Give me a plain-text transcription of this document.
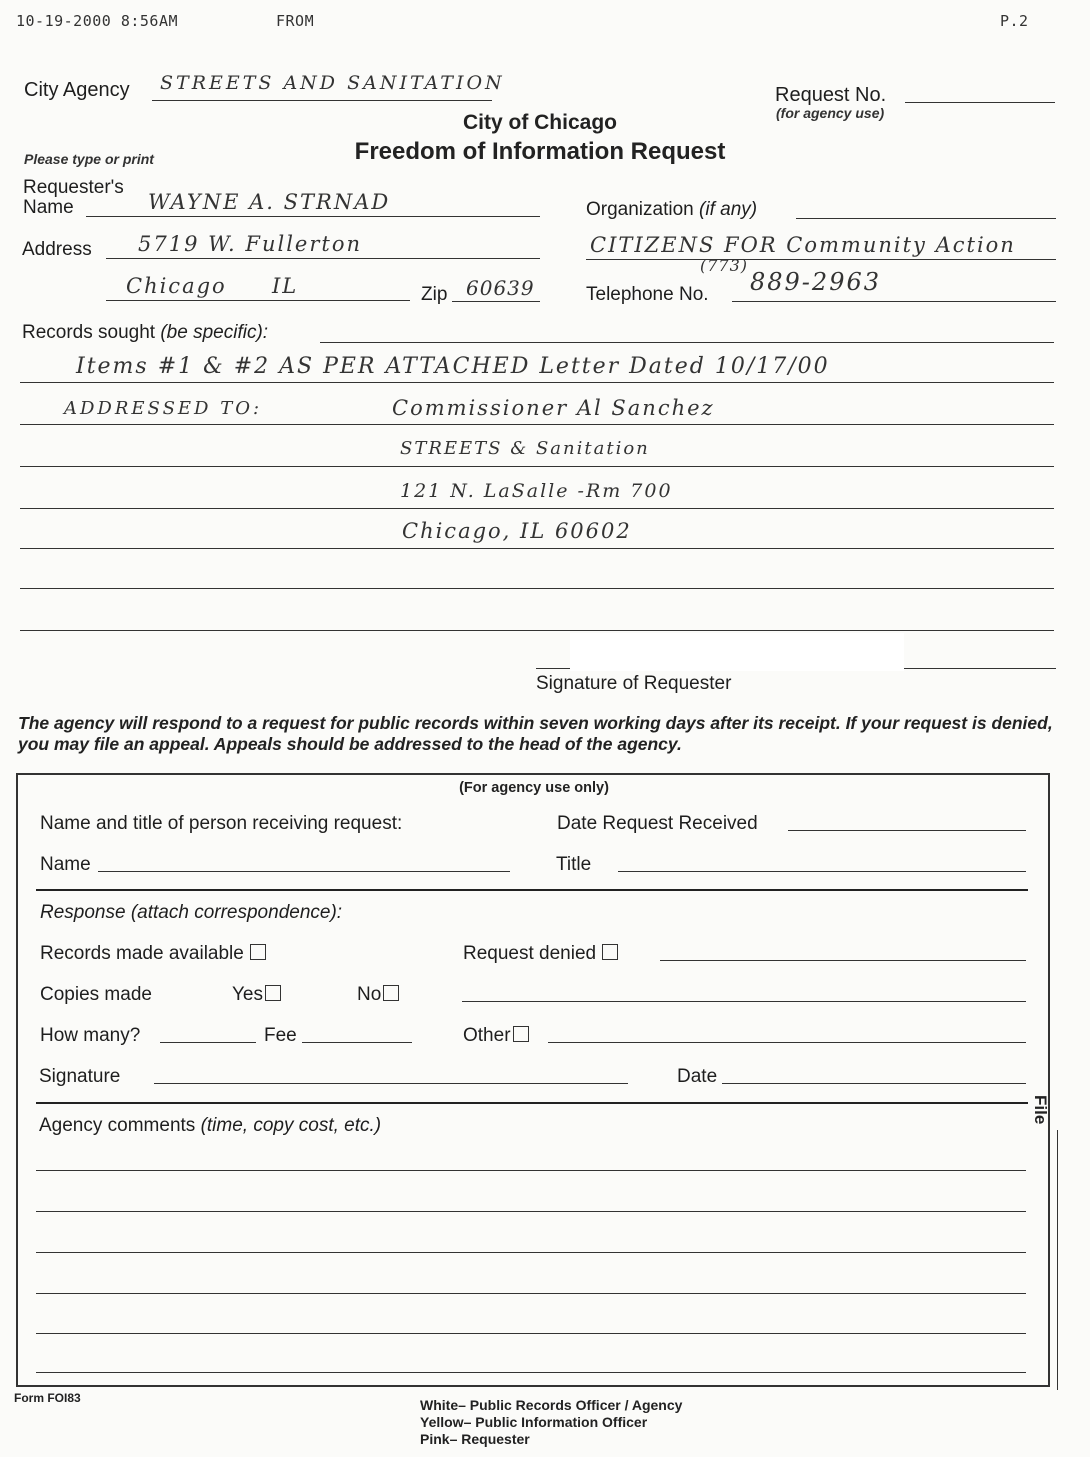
10-19-2000 8:56AM	FROM	P.2
City Agency STREETS AND SANITATION
Request No.
(for agency use)
City of Chicago
Freedom of Information Request
Please type or print
Requester's
Name	WAYNE A. STRNAD	Organization (if any)
CITIZENS FOR Community Action
Address 5719 W. Fullerton
Chicago IL	Zip 60639	Telephone No.
(773)
889-2963
Records sought (be specific):
Items #1 & #2 AS PER ATTACHED Letter Dated 10/17/00
ADDRESSED TO:	Commissioner Al Sanchez
STREETS & Sanitation
121 N. LaSalle -Rm 700
Chicago, IL 60602
Signature of Requester
The agency will respond to a request for public records within seven working days after its receipt. If your request is denied, you may file an appeal. Appeals should be addressed to the head of the agency.
(For agency use only)
Name and title of person receiving request:	Date Request Received
Name	Title
Response (attach correspondence):
Records made available	Request denied
Copies made	Yes	No
How many?	Fee	Other
Signature	Date
Agency comments (time, copy cost, etc.)
File
Form FOI83	White– Public Records Officer / Agency
Yellow– Public Information Officer
Pink– Requester
